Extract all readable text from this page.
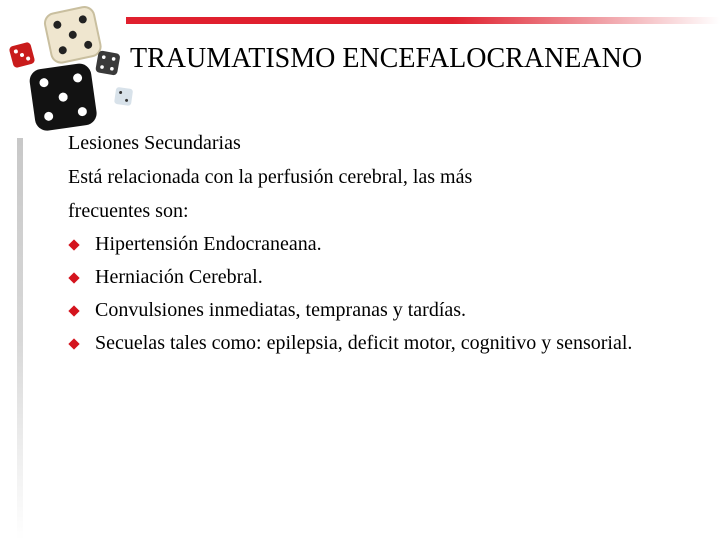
TRAUMATISMO ENCEFALOCRANEANO

Lesiones Secundarias

Está relacionada con la perfusión cerebral, las más

frecuentes son:

Hipertensión Endocraneana.
Herniación Cerebral.
Convulsiones inmediatas, tempranas y tardías.
Secuelas tales como: epilepsia, deficit motor, cognitivo y sensorial.
